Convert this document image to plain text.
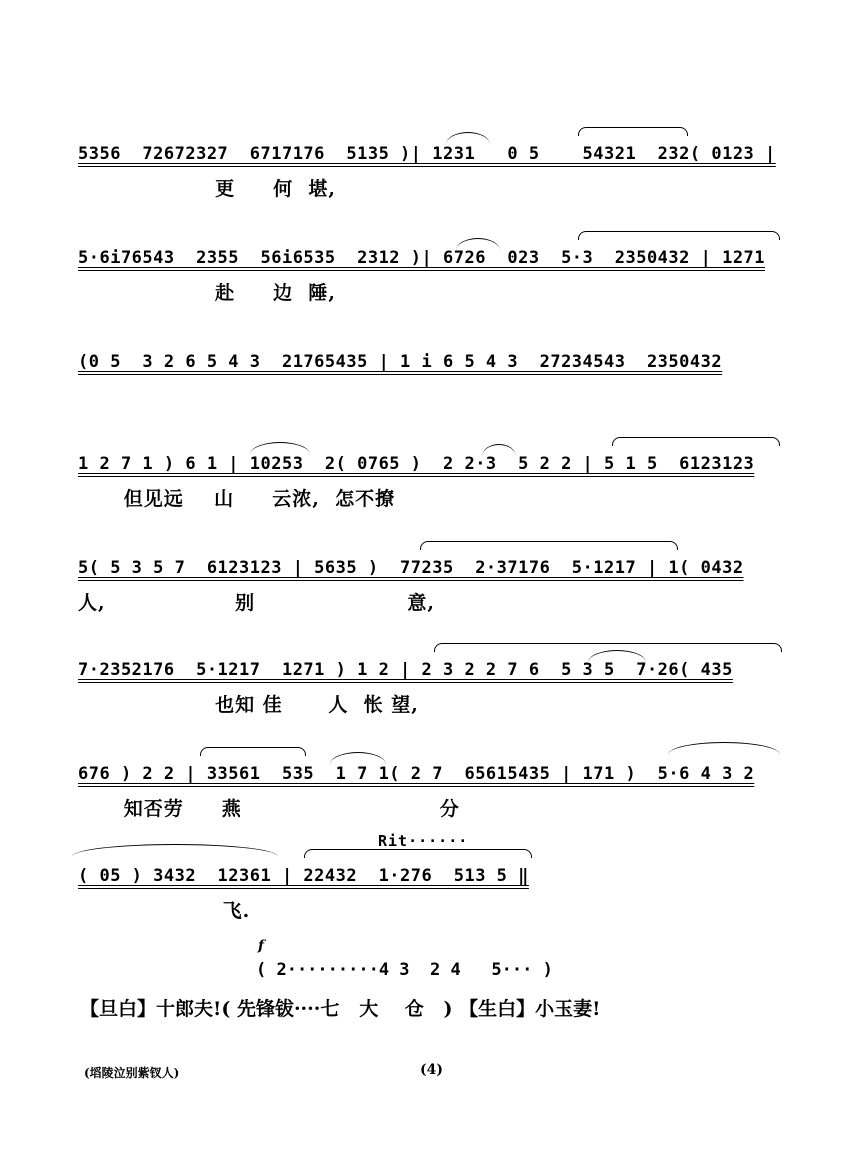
5356  72672327  6717176  5135 )| 1231   0 5    54321  232( 0123 |
更     何  堪,
5·6i76543  2355  56i6535  2312 )| 6726  023  5·3  2350432 | 1271
赴     边  陲,
(0 5  3 2 6 5 4 3  21765435 | 1 i 6 5 4 3  27234543  2350432
1 2 7 1 ) 6 1 | 10253  2( 0765 )  2 2·3  5 2 2 | 5 1 5  6123123
但见远    山     云浓,  怎不撩
5( 5 3 5 7  6123123 | 5635 )  77235  2·37176  5·1217 | 1( 0432
人,                 别                    意,
7·2352176  5·1217  1271 ) 1 2 | 2 3 2 2 7 6  5 3 5  7·26( 435
也知 佳      人  怅 望,
676 ) 2 2 | 33561  535  1 7 1( 2 7  65615435 | 171 )  5·6 4 3 2
知否劳     燕                          分
Rit······
( 05 ) 3432  12361 | 22432  1·276  513 5 ‖
飞.
f
( 2·········4 3  2 4   5··· )
【旦白】十郎夫!( 先锋钹····七   大    仓   ) 【生白】小玉妻!
(塪陵泣别紫钗人)	(4)
